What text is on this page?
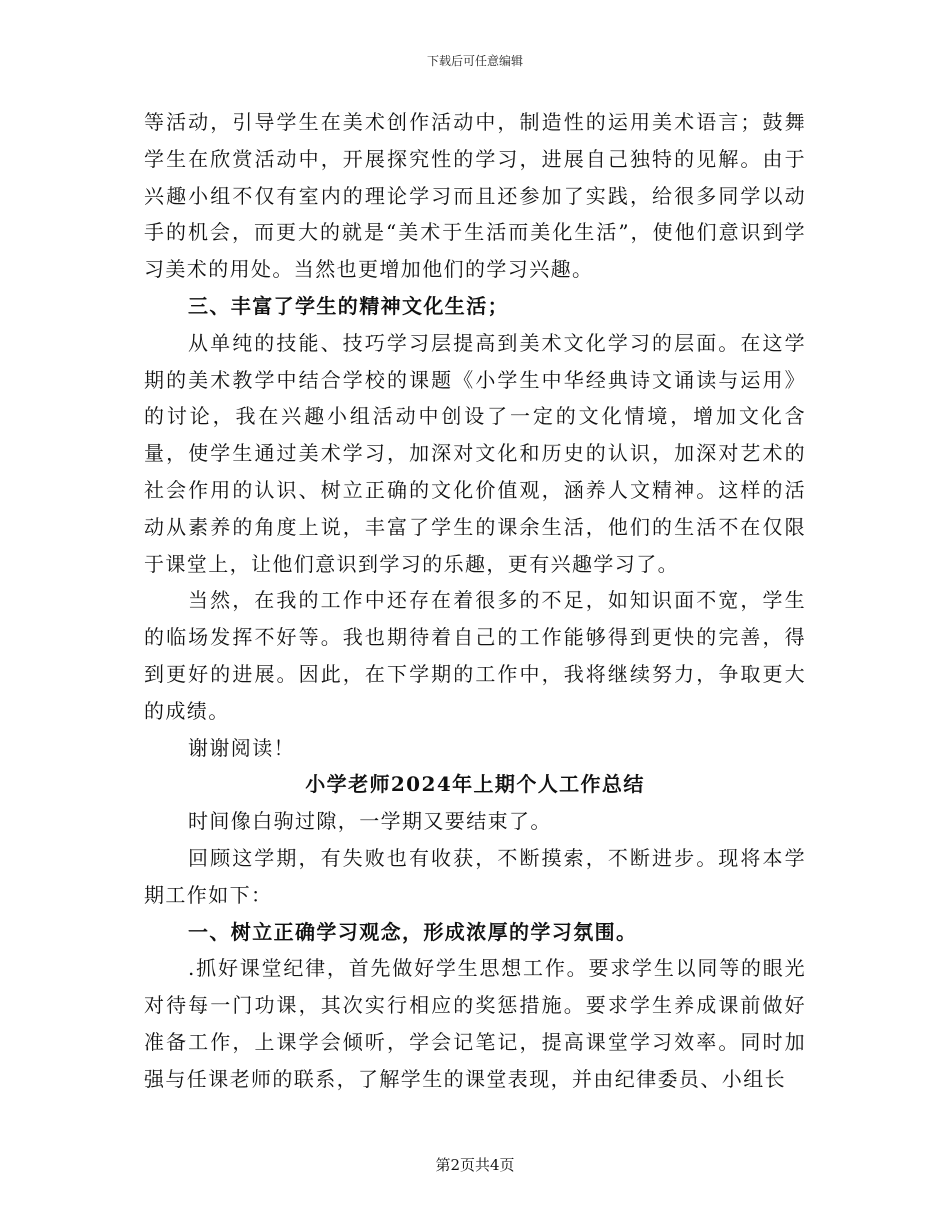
下载后可任意编辑

等活动，引导学生在美术创作活动中，制造性的运用美术语言；鼓舞学生在欣赏活动中，开展探究性的学习，进展自己独特的见解。由于兴趣小组不仅有室内的理论学习而且还参加了实践，给很多同学以动手的机会，而更大的就是“美术于生活而美化生活”，使他们意识到学习美术的用处。当然也更增加他们的学习兴趣。

三、丰富了学生的精神文化生活；

从单纯的技能、技巧学习层提高到美术文化学习的层面。在这学期的美术教学中结合学校的课题《小学生中华经典诗文诵读与运用》的讨论，我在兴趣小组活动中创设了一定的文化情境，增加文化含量，使学生通过美术学习，加深对文化和历史的认识，加深对艺术的社会作用的认识、树立正确的文化价值观，涵养人文精神。这样的活动从素养的角度上说，丰富了学生的课余生活，他们的生活不在仅限于课堂上，让他们意识到学习的乐趣，更有兴趣学习了。

当然，在我的工作中还存在着很多的不足，如知识面不宽，学生的临场发挥不好等。我也期待着自己的工作能够得到更快的完善，得到更好的进展。因此，在下学期的工作中，我将继续努力，争取更大的成绩。

谢谢阅读！

小学老师2024年上期个人工作总结

时间像白驹过隙，一学期又要结束了。

回顾这学期，有失败也有收获，不断摸索，不断进步。现将本学期工作如下：

一、树立正确学习观念，形成浓厚的学习氛围。

.抓好课堂纪律，首先做好学生思想工作。要求学生以同等的眼光对待每一门功课，其次实行相应的奖惩措施。要求学生养成课前做好准备工作，上课学会倾听，学会记笔记，提高课堂学习效率。同时加强与任课老师的联系，了解学生的课堂表现，并由纪律委员、小组长

第2页共4页
